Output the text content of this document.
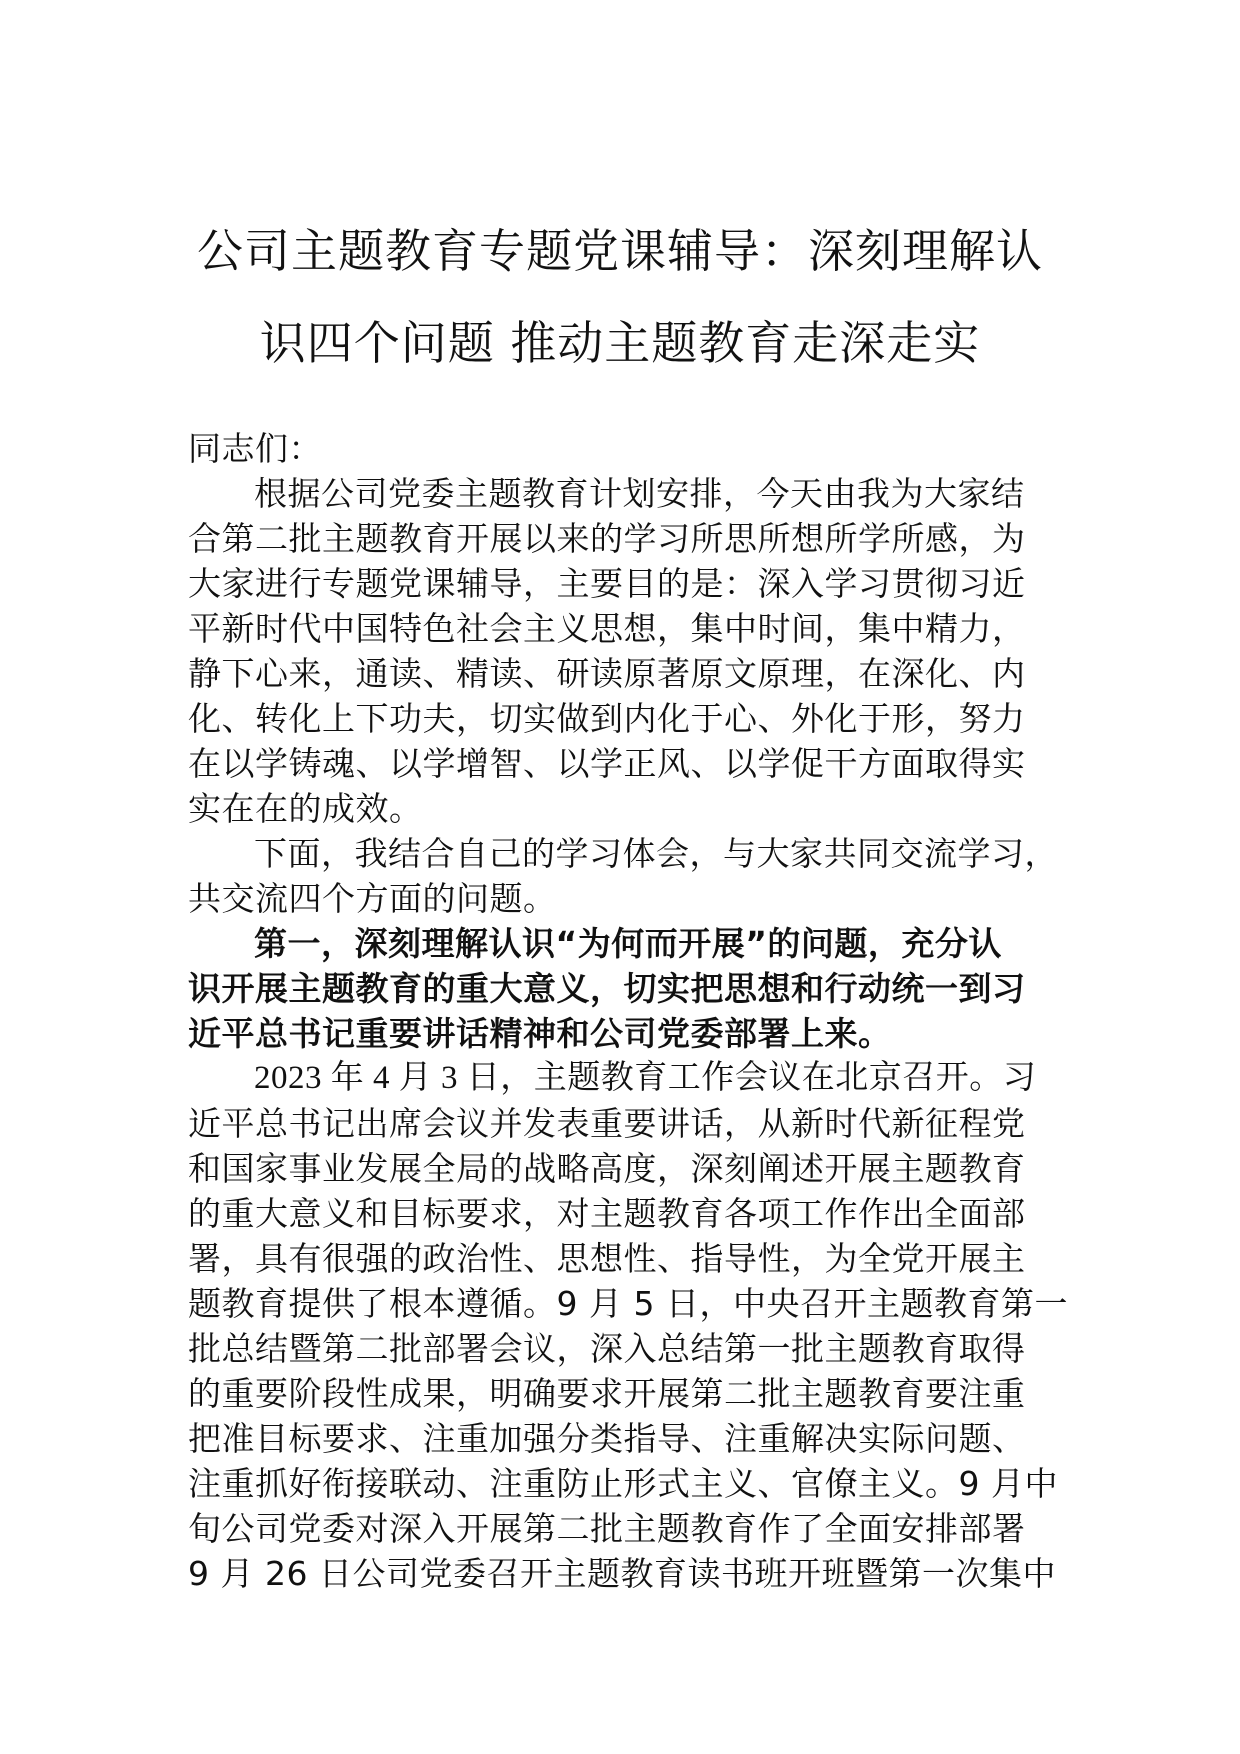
公司主题教育专题党课辅导：深刻理解认
识四个问题 推动主题教育走深走实
同志们：
根据公司党委主题教育计划安排，今天由我为大家结
合第二批主题教育开展以来的学习所思所想所学所感，为
大家进行专题党课辅导，主要目的是：深入学习贯彻习近
平新时代中国特色社会主义思想，集中时间，集中精力，
静下心来，通读、精读、研读原著原文原理，在深化、内
化、转化上下功夫，切实做到内化于心、外化于形，努力
在以学铸魂、以学增智、以学正风、以学促干方面取得实
实在在的成效。
下面，我结合自己的学习体会，与大家共同交流学习，
共交流四个方面的问题。
第一，深刻理解认识“为何而开展”的问题，充分认
识开展主题教育的重大意义，切实把思想和行动统一到习
近平总书记重要讲话精神和公司党委部署上来。
2023 年 4 月 3 日，主题教育工作会议在北京召开。习
近平总书记出席会议并发表重要讲话，从新时代新征程党
和国家事业发展全局的战略高度，深刻阐述开展主题教育
的重大意义和目标要求，对主题教育各项工作作出全面部
署，具有很强的政治性、思想性、指导性，为全党开展主
题教育提供了根本遵循。9 月 5 日，中央召开主题教育第一
批总结暨第二批部署会议，深入总结第一批主题教育取得
的重要阶段性成果，明确要求开展第二批主题教育要注重
把准目标要求、注重加强分类指导、注重解决实际问题、
注重抓好衔接联动、注重防止形式主义、官僚主义。9 月中
旬公司党委对深入开展第二批主题教育作了全面安排部署
9 月 26 日公司党委召开主题教育读书班开班暨第一次集中
